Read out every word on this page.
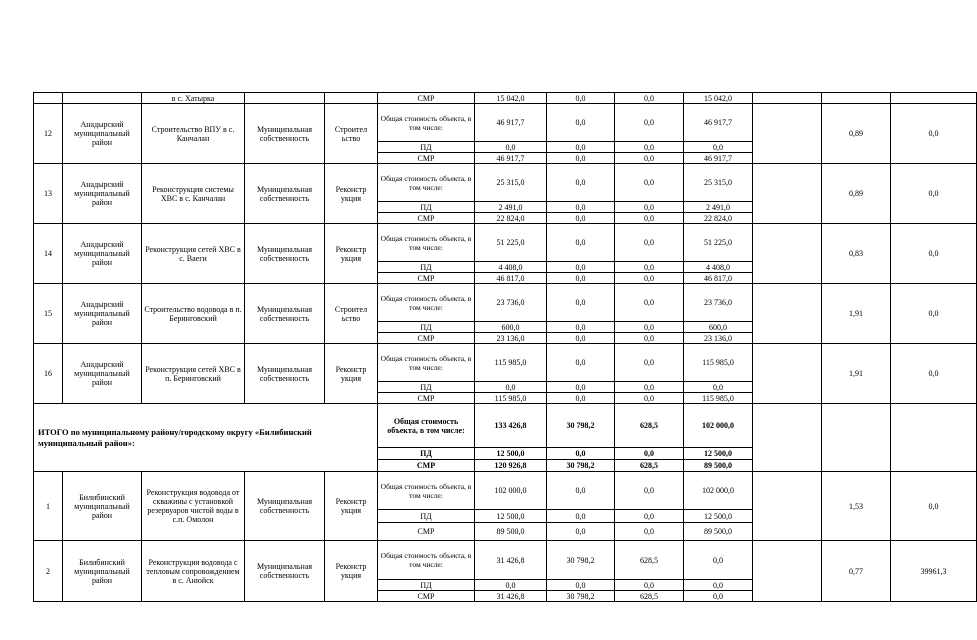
		в с. Хатырка			СМР	15 042,0	0,0	0,0	15 042,0			
12	Анадырский муниципальный район	Строительство ВПУ в с. Канчалан	Муниципальная собственность	Строител ьство	Общая стоимость объекта, в том числе:	46 917,7	0,0	0,0	46 917,7		0,89	0,0
					ПД	0,0	0,0	0,0	0,0			
					СМР	46 917,7	0,0	0,0	46 917,7			
13	Анадырский муниципальный район	Реконструкция системы ХВС в с. Канчалан	Муниципальная собственность	Реконстр укция	Общая стоимость объекта, в том числе:	25 315,0	0,0	0,0	25 315,0		0,89	0,0
					ПД	2 491,0	0,0	0,0	2 491,0			
					СМР	22 824,0	0,0	0,0	22 824,0			
14	Анадырский муниципальный район	Реконструкция сетей ХВС в с. Ваеги	Муниципальная собственность	Реконстр укция	Общая стоимость объекта, в том числе:	51 225,0	0,0	0,0	51 225,0		0,83	0,0
					ПД	4 408,0	0,0	0,0	4 408,0			
					СМР	46 817,0	0,0	0,0	46 817,0			
15	Анадырский муниципальный район	Строительство водовода в п. Беринговский	Муниципальная собственность	Строител ьство	Общая стоимость объекта, в том числе:	23 736,0	0,0	0,0	23 736,0		1,91	0,0
					ПД	600,0	0,0	0,0	600,0			
					СМР	23 136,0	0,0	0,0	23 136,0			
16	Анадырский муниципальный район	Реконструкция сетей ХВС в п. Беринговский	Муниципальная собственность	Реконстр укция	Общая стоимость объекта, в том числе:	115 985,0	0,0	0,0	115 985,0		1,91	0,0
					ПД	0,0	0,0	0,0	0,0			
					СМР	115 985,0	0,0	0,0	115 985,0			
ИТОГО по муниципальному району/городскому округу «Билибинский муниципальный район»:					Общая стоимость объекта, в том числе:	133 426,8	30 798,2	628,5	102 000,0			
					ПД	12 500,0	0,0	0,0	12 500,0			
					СМР	120 926,8	30 798,2	628,5	89 500,0			
1	Билибинский муниципальный район	Реконструкция водовода от скважины с установкой резервуаров чистой воды в с.п. Омолон	Муниципальная собственность	Реконстр укция	Общая стоимость объекта, в том числе:	102 000,0	0,0	0,0	102 000,0		1,53	0,0
					ПД	12 500,0	0,0	0,0	12 500,0			
					СМР	89 500,0	0,0	0,0	89 500,0			
2	Билибинский муниципальный район	Реконструкция водовода с тепловым сопровождением в с. Анюйск	Муниципальная собственность	Реконстр укция	Общая стоимость объекта, в том числе:	31 426,8	30 798,2	628,5	0,0		0,77	39961,3
					ПД	0,0	0,0	0,0	0,0			
					СМР	31 426,8	30 798,2	628,5	0,0			
